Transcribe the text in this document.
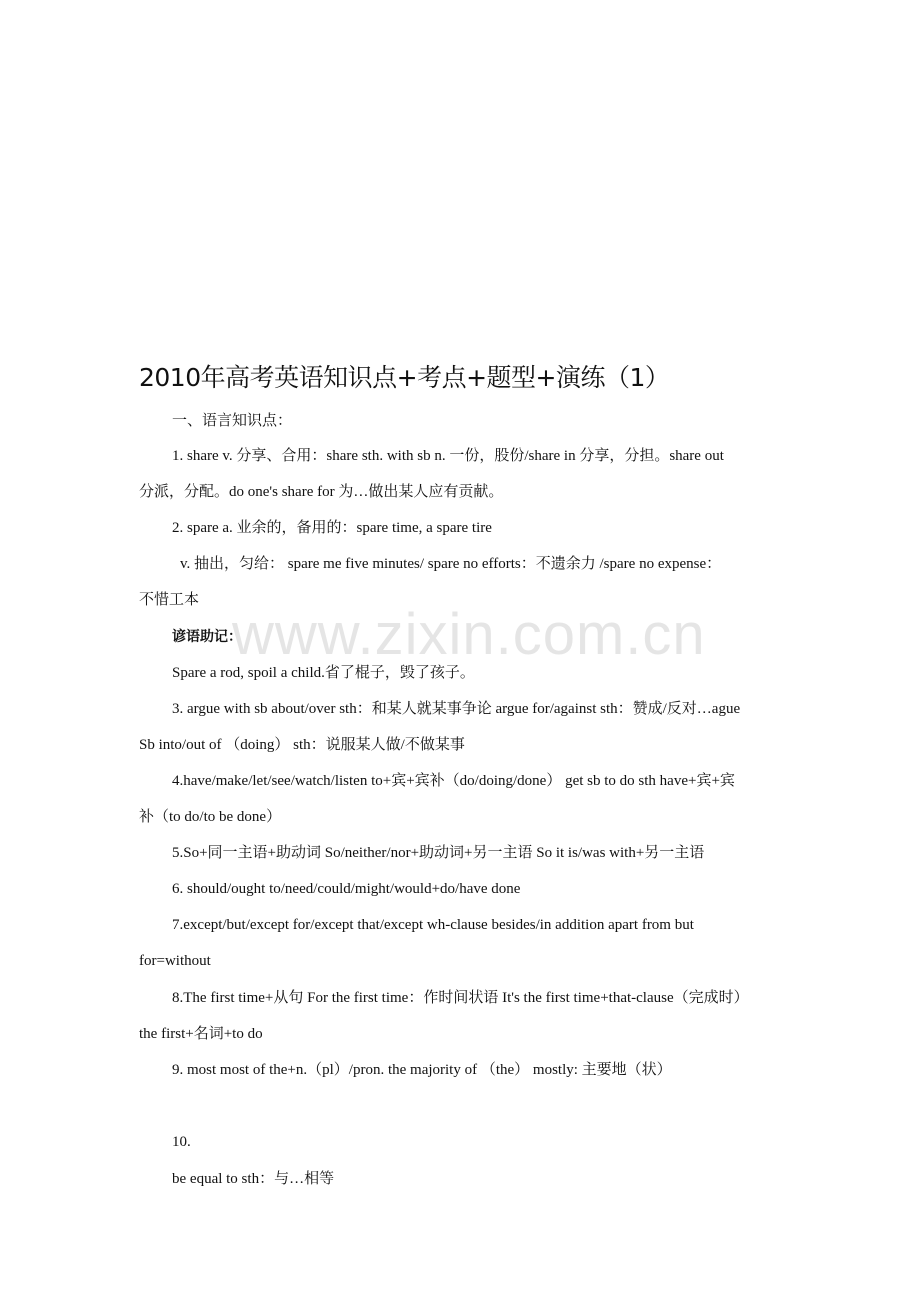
2010年高考英语知识点+考点+题型+演练（1）
一、语言知识点：
1. share v. 分享、合用：share sth. with sb n. 一份，股份/share in 分享，分担。share out
分派，分配。do one's share for 为…做出某人应有贡献。
2. spare a. 业余的，备用的：spare time, a spare tire
v. 抽出，匀给： spare me five minutes/ spare no efforts：不遗余力 /spare no expense：
不惜工本
谚语助记：
Spare a rod, spoil a child.省了棍子，毁了孩子。
3. argue with sb about/over sth：和某人就某事争论 argue for/against sth：赞成/反对…ague
Sb into/out of （doing） sth：说服某人做/不做某事
4.have/make/let/see/watch/listen to+宾+宾补（do/doing/done） get sb to do sth have+宾+宾
补（to do/to be done）
5.So+同一主语+助动词 So/neither/nor+助动词+另一主语 So it is/was with+另一主语
6. should/ought to/need/could/might/would+do/have done
7.except/but/except for/except that/except wh-clause besides/in addition apart from but
for=without
8.The first time+从句 For the first time：作时间状语 It's the first time+that-clause（完成时）
the first+名词+to do
9. most most of the+n.（pl）/pron. the majority of （the） mostly: 主要地（状）
10.
be equal to sth：与…相等
www.zixin.com.cn
